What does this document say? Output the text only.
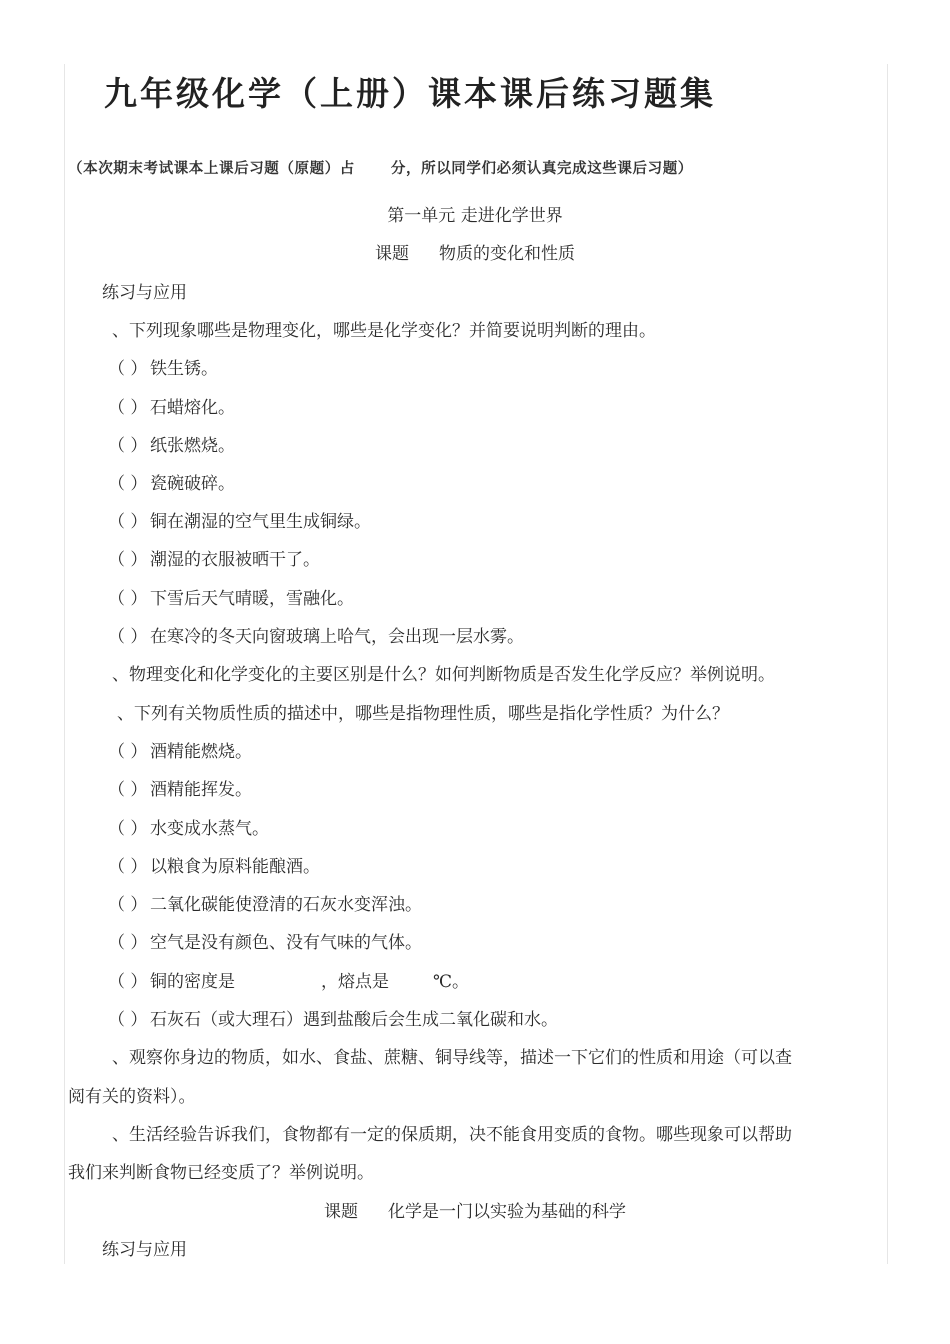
九年级化学（上册）课本课后练习题集
（本次期末考试课本上课后习题（原题）占 分，所以同学们必须认真完成这些课后习题）
第一单元 走进化学世界
课题 物质的变化和性质
练习与应用
、下列现象哪些是物理变化，哪些是化学变化？并简要说明判断的理由。
（ ） 铁生锈。
（ ） 石蜡熔化。
（ ） 纸张燃烧。
（ ） 瓷碗破碎。
（ ） 铜在潮湿的空气里生成铜绿。
（ ） 潮湿的衣服被晒干了。
（ ） 下雪后天气晴暖，雪融化。
（ ） 在寒冷的冬天向窗玻璃上哈气，会出现一层水雾。
、物理变化和化学变化的主要区别是什么？如何判断物质是否发生化学反应？举例说明。
、下列有关物质性质的描述中，哪些是指物理性质，哪些是指化学性质？为什么？
（ ） 酒精能燃烧。
（ ） 酒精能挥发。
（ ） 水变成水蒸气。
（ ） 以粮食为原料能酿酒。
（ ） 二氧化碳能使澄清的石灰水变浑浊。
（ ） 空气是没有颜色、没有气味的气体。
（ ） 铜的密度是	，熔点是	℃。
（ ） 石灰石（或大理石）遇到盐酸后会生成二氧化碳和水。
、观察你身边的物质，如水、食盐、蔗糖、铜导线等，描述一下它们的性质和用途（可以查
阅有关的资料）。
、生活经验告诉我们，食物都有一定的保质期，决不能食用变质的食物。哪些现象可以帮助
我们来判断食物已经变质了？举例说明。
课题 化学是一门以实验为基础的科学
练习与应用
